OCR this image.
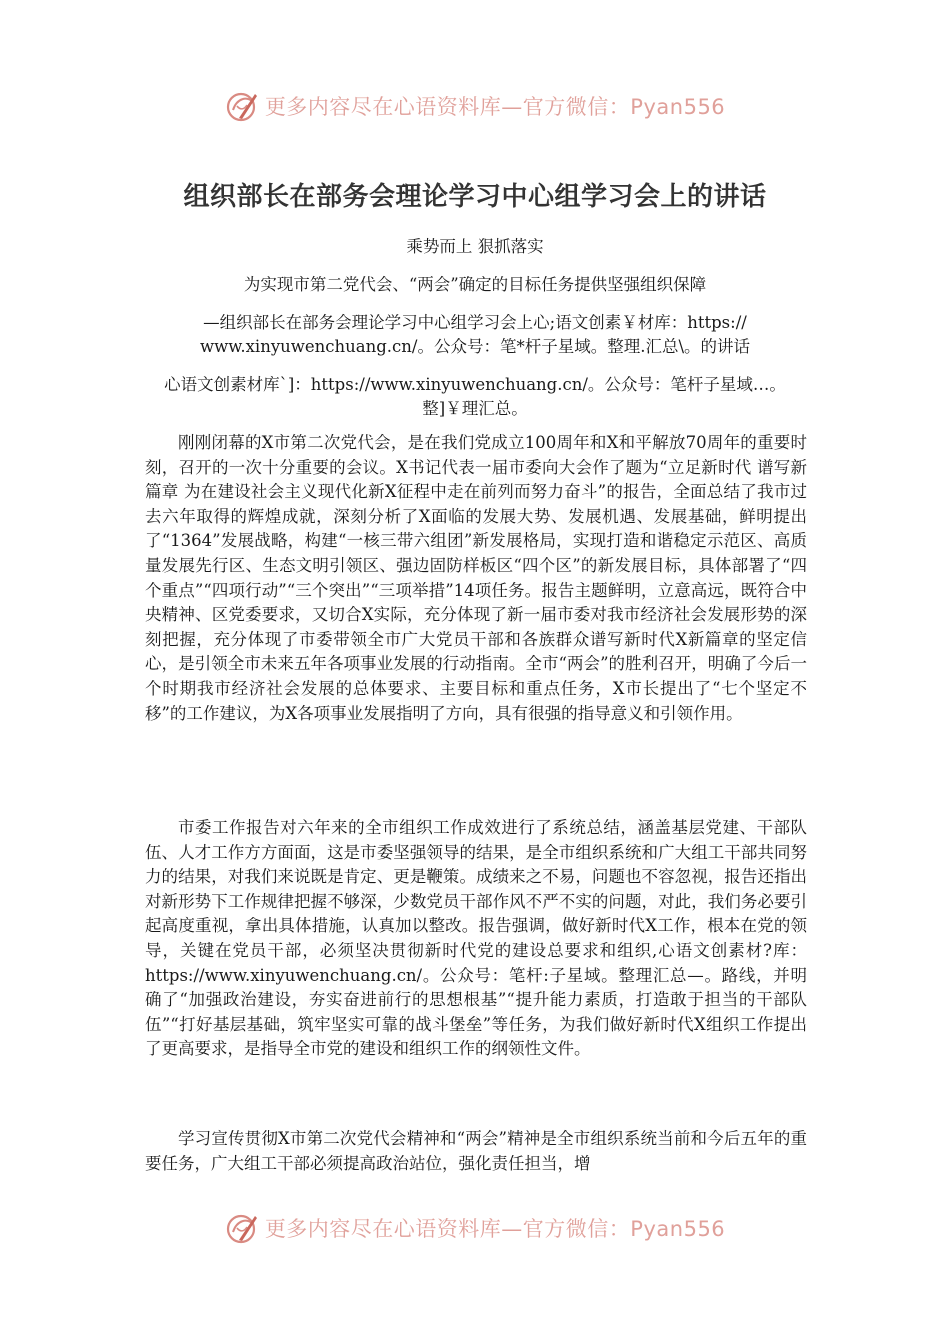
更多内容尽在心语资料库—官方微信：Pyan556
组织部长在部务会理论学习中心组学习会上的讲话
乘势而上 狠抓落实
为实现市第二党代会、“两会”确定的目标任务提供坚强组织保障
—组织部长在部务会理论学习中心组学习会上心;语文创素￥材库：https://
www.xinyuwenchuang.cn/。公众号：笔*杆子星域。整理.汇总\。的讲话
心语文创素材库`]：https://www.xinyuwenchuang.cn/。公众号：笔杆子星域…。
整]￥理汇总。

刚刚闭幕的X市第二次党代会，是在我们党成立100周年和X和平解放70周年的重要时刻，召开的一次十分重要的会议。X书记代表一届市委向大会作了题为“立足新时代 谱写新篇章 为在建设社会主义现代化新X征程中走在前列而努力奋斗”的报告，全面总结了我市过去六年取得的辉煌成就，深刻分析了X面临的发展大势、发展机遇、发展基础，鲜明提出了“1364”发展战略，构建“一核三带六组团”新发展格局，实现打造和谐稳定示范区、高质量发展先行区、生态文明引领区、强边固防样板区“四个区”的新发展目标，具体部署了“四个重点”“四项行动”“三个突出”“三项举措”14项任务。报告主题鲜明，立意高远，既符合中央精神、区党委要求，又切合X实际，充分体现了新一届市委对我市经济社会发展形势的深刻把握，充分体现了市委带领全市广大党员干部和各族群众谱写新时代X新篇章的坚定信心，是引领全市未来五年各项事业发展的行动指南。全市“两会”的胜利召开，明确了今后一个时期我市经济社会发展的总体要求、主要目标和重点任务，X市长提出了“七个坚定不移”的工作建议，为X各项事业发展指明了方向，具有很强的指导意义和引领作用。

市委工作报告对六年来的全市组织工作成效进行了系统总结，涵盖基层党建、干部队伍、人才工作方方面面，这是市委坚强领导的结果，是全市组织系统和广大组工干部共同努力的结果，对我们来说既是肯定、更是鞭策。成绩来之不易，问题也不容忽视，报告还指出对新形势下工作规律把握不够深，少数党员干部作风不严不实的问题，对此，我们务必要引起高度重视，拿出具体措施，认真加以整改。报告强调，做好新时代X工作，根本在党的领导，关键在党员干部，必须坚决贯彻新时代党的建设总要求和组织,心语文创素材?库：https://www.xinyuwenchuang.cn/。公众号：笔杆:子星域。整理汇总—。路线，并明确了“加强政治建设，夯实奋进前行的思想根基”“提升能力素质，打造敢于担当的干部队伍”“打好基层基础，筑牢坚实可靠的战斗堡垒”等任务，为我们做好新时代X组织工作提出了更高要求，是指导全市党的建设和组织工作的纲领性文件。

学习宣传贯彻X市第二次党代会精神和“两会”精神是全市组织系统当前和今后五年的重要任务，广大组工干部必须提高政治站位，强化责任担当，增

更多内容尽在心语资料库—官方微信：Pyan556
